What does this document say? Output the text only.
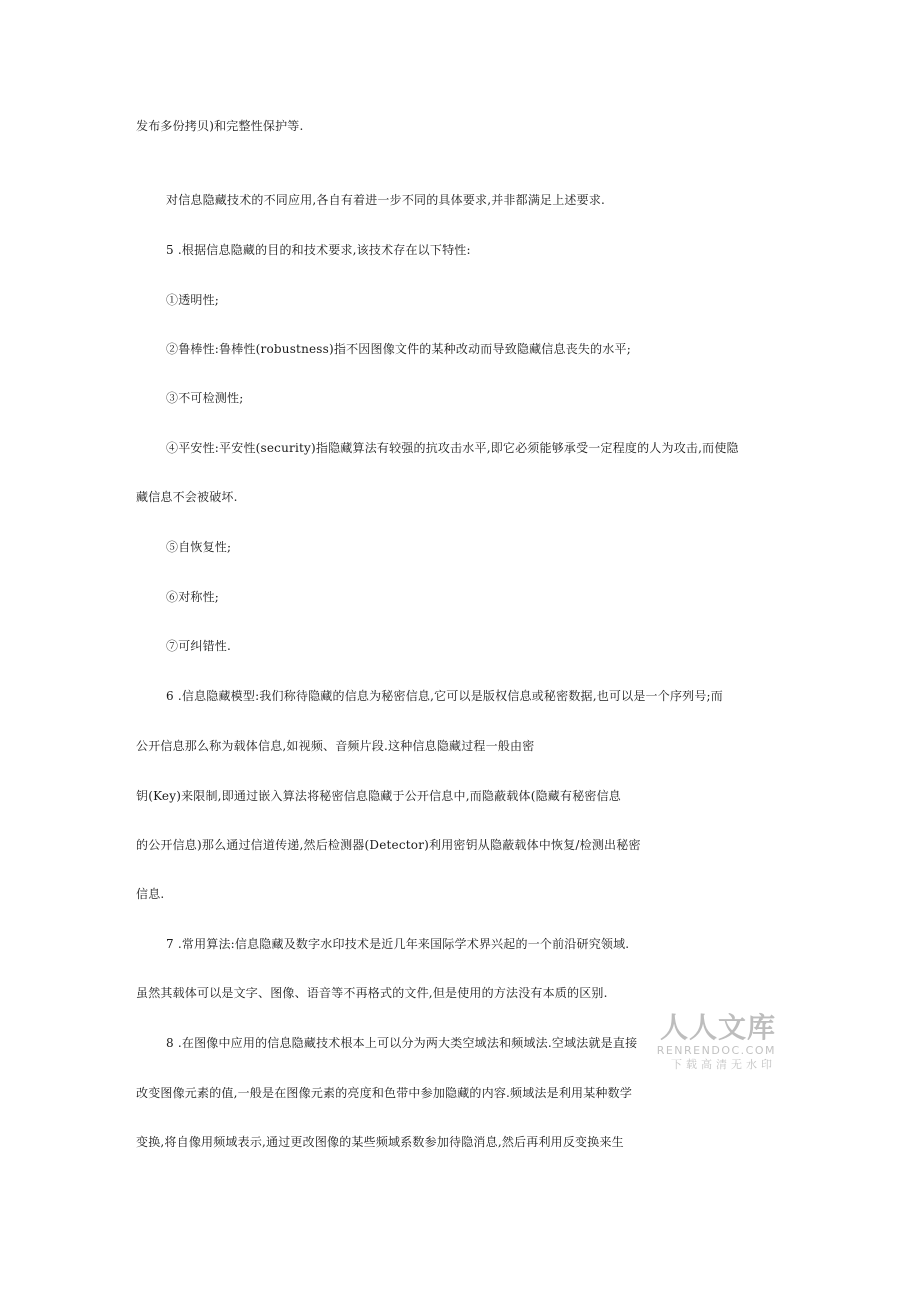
发布多份拷贝)和完整性保护等.
对信息隐藏技术的不同应用,各自有着进一步不同的具体要求,并非都满足上述要求.
5 .根据信息隐藏的目的和技术要求,该技术存在以下特性:
①透明性;
②鲁棒性:鲁棒性(robustness)指不因图像文件的某种改动而导致隐藏信息丧失的水平;
③不可检测性;
④平安性:平安性(security)指隐藏算法有较强的抗攻击水平,即它必须能够承受一定程度的人为攻击,而使隐
藏信息不会被破坏.
⑤自恢复性;
⑥对称性;
⑦可纠错性.
6 .信息隐藏模型:我们称待隐藏的信息为秘密信息,它可以是版权信息或秘密数据,也可以是一个序列号;而
公开信息那么称为载体信息,如视频、音频片段.这种信息隐藏过程一般由密
钥(Key)来限制,即通过嵌入算法将秘密信息隐藏于公开信息中,而隐蔽载体(隐藏有秘密信息
的公开信息)那么通过信道传递,然后检测器(Detector)利用密钥从隐蔽载体中恢复/检测出秘密
信息.
7 .常用算法:信息隐藏及数字水印技术是近几年来国际学术界兴起的一个前沿研究领域.
虽然其载体可以是文字、图像、语音等不再格式的文件,但是使用的方法没有本质的区别.
8 .在图像中应用的信息隐藏技术根本上可以分为两大类空域法和频域法.空域法就是直接
改变图像元素的值,一般是在图像元素的亮度和色带中参加隐藏的内容.频域法是利用某种数学
变换,将自像用频域表示,通过更改图像的某些频域系数参加待隐消息,然后再利用反变换来生
人人文库
RENRENDOC.COM
下载高清无水印
